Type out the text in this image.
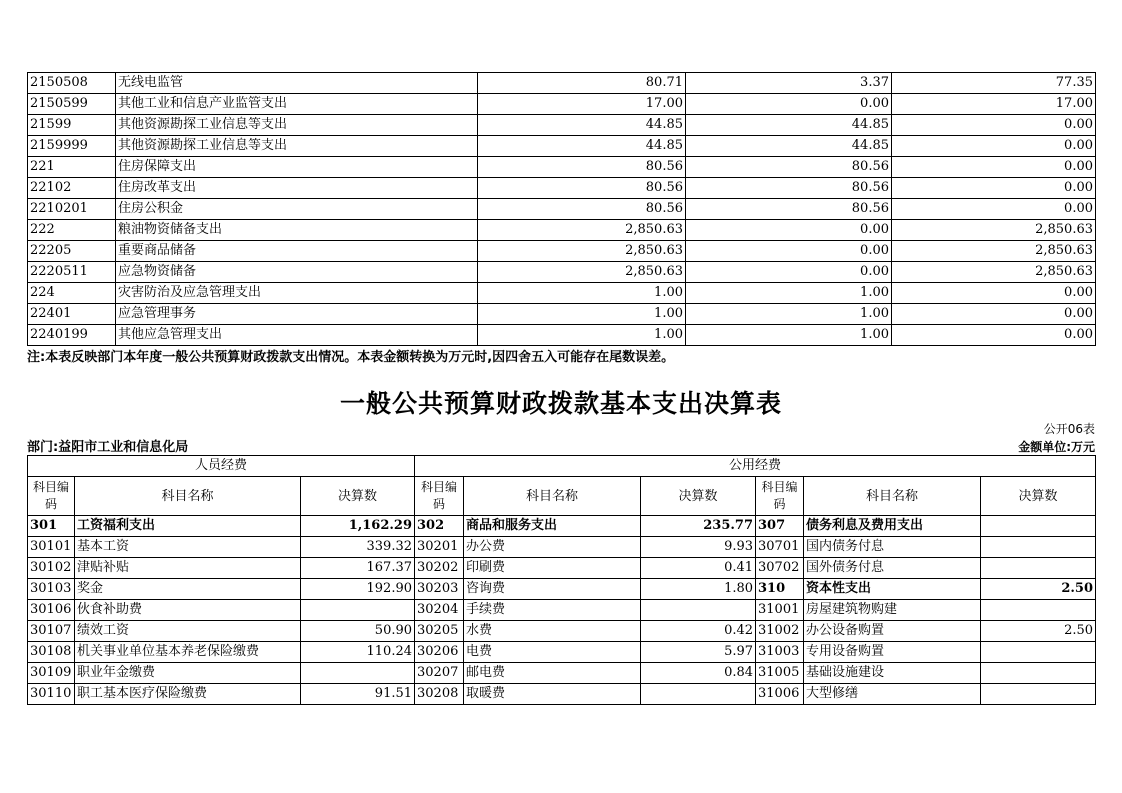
2150508	无线电监管	80.71	3.37	77.35
2150599	其他工业和信息产业监管支出	17.00	0.00	17.00
21599	其他资源勘探工业信息等支出	44.85	44.85	0.00
2159999	其他资源勘探工业信息等支出	44.85	44.85	0.00
221	住房保障支出	80.56	80.56	0.00
22102	住房改革支出	80.56	80.56	0.00
2210201	住房公积金	80.56	80.56	0.00
222	粮油物资储备支出	2,850.63	0.00	2,850.63
22205	重要商品储备	2,850.63	0.00	2,850.63
2220511	应急物资储备	2,850.63	0.00	2,850.63
224	灾害防治及应急管理支出	1.00	1.00	0.00
22401	应急管理事务	1.00	1.00	0.00
2240199	其他应急管理支出	1.00	1.00	0.00
注:本表反映部门本年度一般公共预算财政拨款支出情况。本表金额转换为万元时,因四舍五入可能存在尾数误差。
一般公共预算财政拨款基本支出决算表
公开06表
部门:益阳市工业和信息化局	金额单位:万元
人员经费			公用经费					
科目编码	科目名称	决算数	科目编码	科目名称	决算数	科目编码	科目名称	决算数
301	工资福利支出	1,162.29	302	商品和服务支出	235.77	307	债务利息及费用支出	
30101	基本工资	339.32	30201	办公费	9.93	30701	国内债务付息	
30102	津贴补贴	167.37	30202	印刷费	0.41	30702	国外债务付息	
30103	奖金	192.90	30203	咨询费	1.80	310	资本性支出	2.50
30106	伙食补助费		30204	手续费		31001	房屋建筑物购建	
30107	绩效工资	50.90	30205	水费	0.42	31002	办公设备购置	2.50
30108	机关事业单位基本养老保险缴费	110.24	30206	电费	5.97	31003	专用设备购置	
30109	职业年金缴费		30207	邮电费	0.84	31005	基础设施建设	
30110	职工基本医疗保险缴费	91.51	30208	取暖费		31006	大型修缮	
